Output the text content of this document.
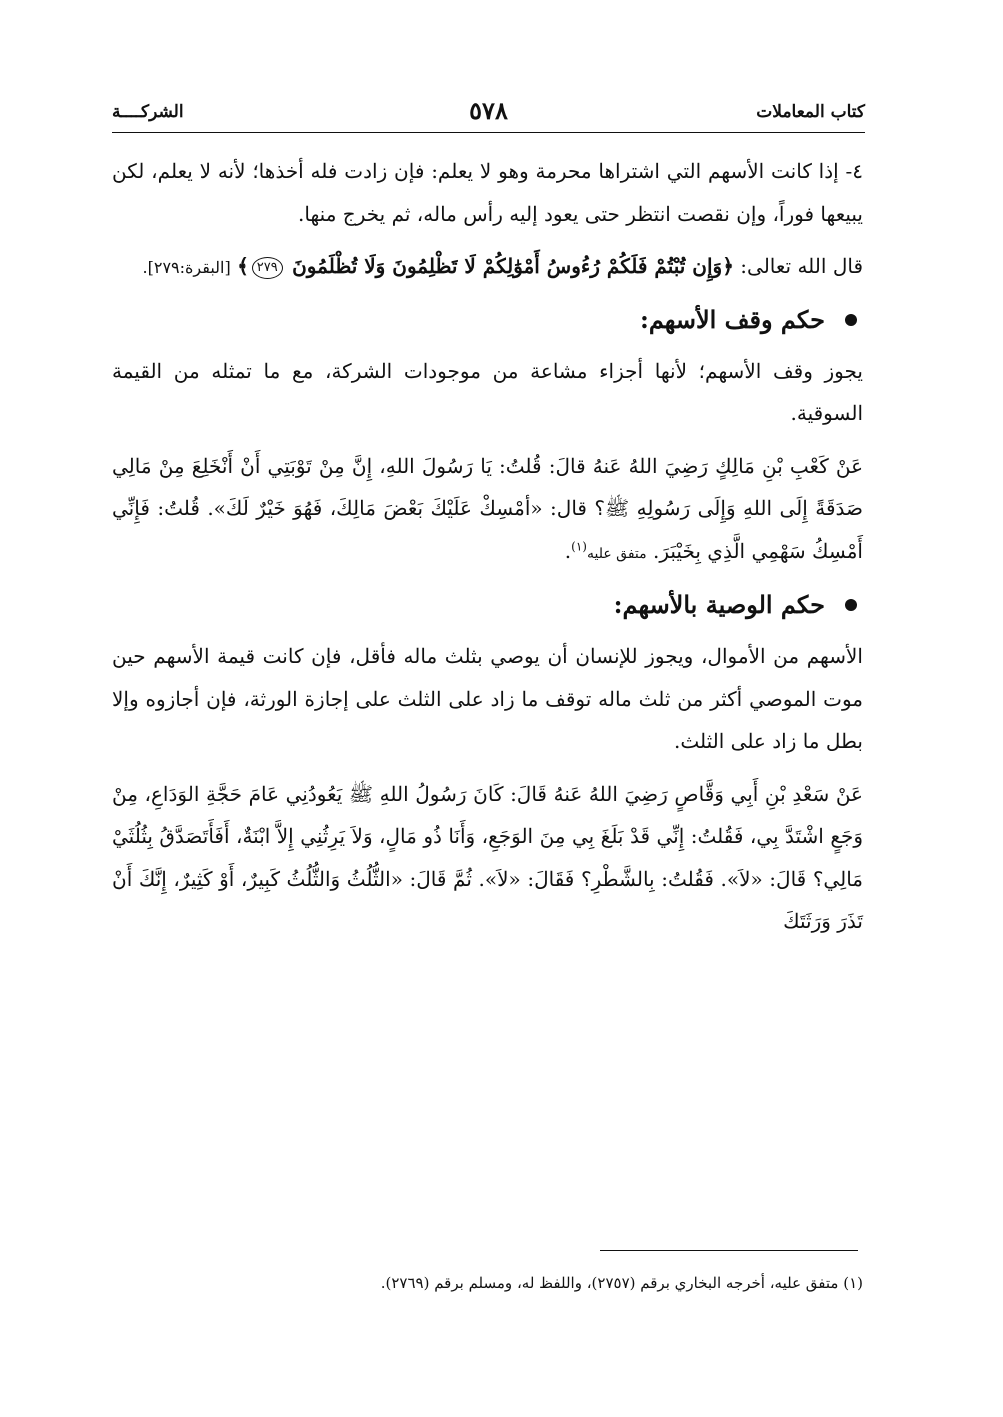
كتاب المعاملات
٥٧٨
الشركــــة

٤- إذا كانت الأسهم التي اشتراها محرمة وهو لا يعلم: فإن زادت فله أخذها؛ لأنه لا يعلم، لكن يبيعها فوراً، وإن نقصت انتظر حتى يعود إليه رأس ماله، ثم يخرج منها.

قال الله تعالى: ﴿وَإِن تُبْتُمْ فَلَكُمْ رُءُوسُ أَمْوَٰلِكُمْ لَا تَظْلِمُونَ وَلَا تُظْلَمُونَ ٢٧٩﴾ [البقرة:٢٧٩].

حكم وقف الأسهم:

يجوز وقف الأسهم؛ لأنها أجزاء مشاعة من موجودات الشركة، مع ما تمثله من القيمة السوقية.

عَنْ كَعْبِ بْنِ مَالِكٍ رَضِيَ اللهُ عَنهُ قالَ: قُلتُ: يَا رَسُولَ اللهِ، إِنَّ مِنْ تَوْبَتِي أَنْ أَنْخَلِعَ مِنْ مَالِي صَدَقَةً إِلَى اللهِ وَإِلَى رَسُولِهِ ﷺ؟ قال: «أمْسِكْ عَلَيْكَ بَعْضَ مَالِكَ، فَهُوَ خَيْرٌ لَكَ». قُلتُ: فَإِنِّي أَمْسِكُ سَهْمِي الَّذِي بِخَيْبَرَ. متفق عليه$^{(١)}$.

حكم الوصية بالأسهم:

الأسهم من الأموال، ويجوز للإنسان أن يوصي بثلث ماله فأقل، فإن كانت قيمة الأسهم حين موت الموصي أكثر من ثلث ماله توقف ما زاد على الثلث على إجازة الورثة، فإن أجازوه وإلا بطل ما زاد على الثلث.

عَنْ سَعْدِ بْنِ أَبِي وَقَّاصٍ رَضِيَ اللهُ عَنهُ قَالَ: كَانَ رَسُولُ اللهِ ﷺ يَعُودُنِي عَامَ حَجَّةِ الوَدَاعِ، مِنْ وَجَعٍ اشْتَدَّ بِي، فَقُلتُ: إِنِّي قَدْ بَلَغَ بِي مِنَ الوَجَعِ، وَأَنَا ذُو مَالٍ، وَلاَ يَرِثُنِي إِلاَّ ابْنَةٌ، أَفَأَتَصَدَّقُ بِثُلُثَيْ مَالِي؟ قَالَ: «لاَ». فَقُلتُ: بِالشَّطْرِ؟ فَقَالَ: «لاَ». ثُمَّ قَالَ: «الثُّلُثُ وَالثُّلُثُ كَبِيرٌ، أَوْ كَثِيرٌ، إِنَّكَ أَنْ تَذَرَ وَرَثَتَكَ

(١) متفق عليه، أخرجه البخاري برقم (٢٧٥٧)، واللفظ له، ومسلم برقم (٢٧٦٩).
